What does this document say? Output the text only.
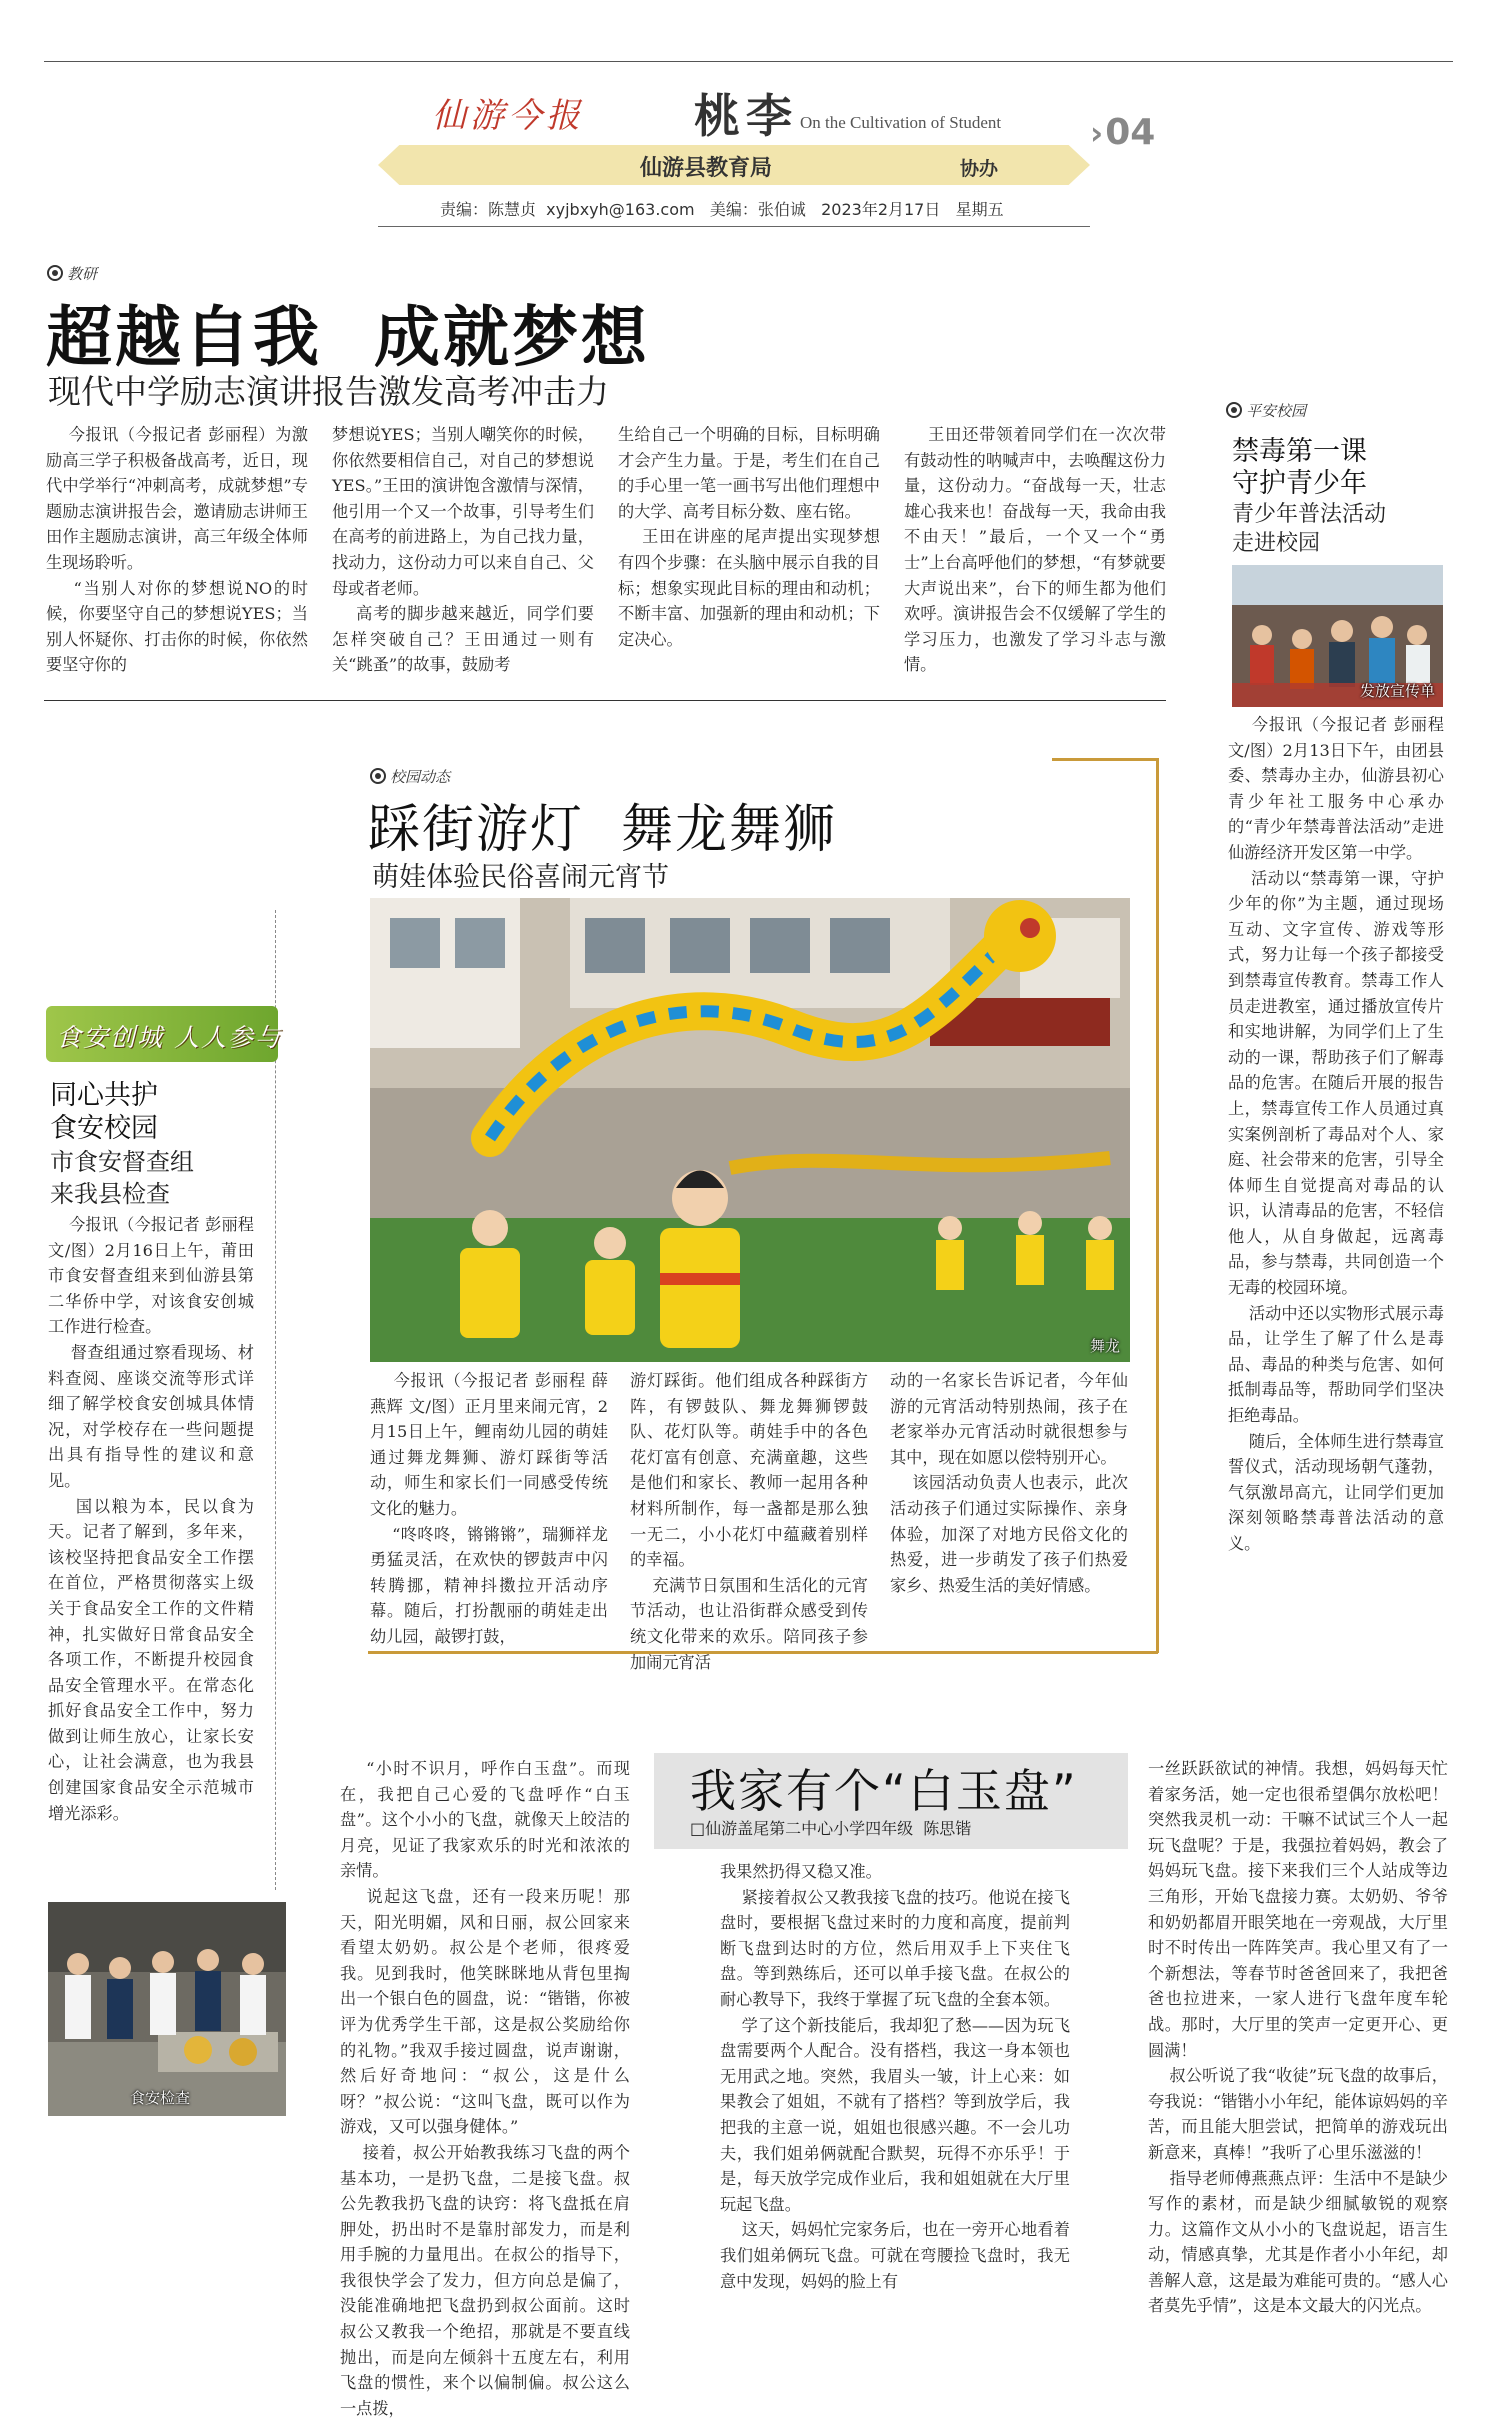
仙游今报 桃李 On the Cultivation of Student	›04
仙游县教育局	协办
责编：陈慧贞  xyjbxyh@163.com   美编：张伯诚   2023年2月17日   星期五
教研
超越自我  成就梦想
现代中学励志演讲报告激发高考冲击力
今报讯（今报记者 彭丽程）为激励高三学子积极备战高考，近日，现代中学举行“冲刺高考，成就梦想”专题励志演讲报告会，邀请励志讲师王田作主题励志演讲，高三年级全体师生现场聆听。
“当别人对你的梦想说NO的时候，你要坚守自己的梦想说YES；当别人怀疑你、打击你的时候，你依然要坚守你的
梦想说YES；当别人嘲笑你的时候，你依然要相信自己，对自己的梦想说YES。”王田的演讲饱含激情与深情，他引用一个又一个故事，引导考生们在高考的前进路上，为自己找力量，找动力，这份动力可以来自自己、父母或者老师。
高考的脚步越来越近，同学们要怎样突破自己？王田通过一则有关“跳蚤”的故事，鼓励考
生给自己一个明确的目标，目标明确才会产生力量。于是，考生们在自己的手心里一笔一画书写出他们理想中的大学、高考目标分数、座右铭。
王田在讲座的尾声提出实现梦想有四个步骤：在头脑中展示自我的目标；想象实现此目标的理由和动机；不断丰富、加强新的理由和动机；下定决心。
王田还带领着同学们在一次次带有鼓动性的呐喊声中，去唤醒这份力量，这份动力。“奋战每一天，壮志雄心我来也！奋战每一天，我命由我不由天！”最后，一个又一个“勇士”上台高呼他们的梦想，“有梦就要大声说出来”，台下的师生都为他们欢呼。演讲报告会不仅缓解了学生的学习压力，也激发了学习斗志与激情。
平安校园
禁毒第一课
守护青少年
青少年普法活动
走进校园
发放宣传单
今报讯（今报记者 彭丽程 文/图）2月13日下午，由团县委、禁毒办主办，仙游县初心青少年社工服务中心承办的“青少年禁毒普法活动”走进仙游经济开发区第一中学。
活动以“禁毒第一课，守护少年的你”为主题，通过现场互动、文字宣传、游戏等形式，努力让每一个孩子都接受到禁毒宣传教育。禁毒工作人员走进教室，通过播放宣传片和实地讲解，为同学们上了生动的一课，帮助孩子们了解毒品的危害。在随后开展的报告上，禁毒宣传工作人员通过真实案例剖析了毒品对个人、家庭、社会带来的危害，引导全体师生自觉提高对毒品的认识，认清毒品的危害，不轻信他人，从自身做起，远离毒品，参与禁毒，共同创造一个无毒的校园环境。
活动中还以实物形式展示毒品，让学生了解了什么是毒品、毒品的种类与危害、如何抵制毒品等，帮助同学们坚决拒绝毒品。
随后，全体师生进行禁毒宣誓仪式，活动现场朝气蓬勃，气氛激昂高亢，让同学们更加深刻领略禁毒普法活动的意义。
校园动态
踩街游灯  舞龙舞狮
萌娃体验民俗喜闹元宵节
舞龙
今报讯（今报记者 彭丽程 薛燕辉 文/图）正月里来闹元宵，2月15日上午，鲤南幼儿园的萌娃通过舞龙舞狮、游灯踩街等活动，师生和家长们一同感受传统文化的魅力。
“咚咚咚，锵锵锵”，瑞狮祥龙勇猛灵活，在欢快的锣鼓声中闪转腾挪，精神抖擞拉开活动序幕。随后，打扮靓丽的萌娃走出幼儿园，敲锣打鼓，
游灯踩街。他们组成各种踩街方阵，有锣鼓队、舞龙舞狮锣鼓队、花灯队等。萌娃手中的各色花灯富有创意、充满童趣，这些是他们和家长、教师一起用各种材料所制作，每一盏都是那么独一无二，小小花灯中蕴藏着别样的幸福。
充满节日氛围和生活化的元宵节活动，也让沿街群众感受到传统文化带来的欢乐。陪同孩子参加闹元宵活
动的一名家长告诉记者，今年仙游的元宵活动特别热闹，孩子在老家举办元宵活动时就很想参与其中，现在如愿以偿特别开心。
该园活动负责人也表示，此次活动孩子们通过实际操作、亲身体验，加深了对地方民俗文化的热爱，进一步萌发了孩子们热爱家乡、热爱生活的美好情感。
食安创城 人人参与
同心共护
食安校园
市食安督查组
来我县检查
今报讯（今报记者 彭丽程 文/图）2月16日上午，莆田市食安督查组来到仙游县第二华侨中学，对该食安创城工作进行检查。
督查组通过察看现场、材料查阅、座谈交流等形式详细了解学校食安创城具体情况，对学校存在一些问题提出具有指导性的建议和意见。
国以粮为本，民以食为天。记者了解到，多年来，该校坚持把食品安全工作摆在首位，严格贯彻落实上级关于食品安全工作的文件精神，扎实做好日常食品安全各项工作，不断提升校园食品安全管理水平。在常态化抓好食品安全工作中，努力做到让师生放心，让家长安心，让社会满意，也为我县创建国家食品安全示范城市增光添彩。
食安检查
我家有个“白玉盘”
□仙游盖尾第二中心小学四年级  陈思锴
“小时不识月，呼作白玉盘”。而现在，我把自己心爱的飞盘呼作“白玉盘”。这个小小的飞盘，就像天上皎洁的月亮，见证了我家欢乐的时光和浓浓的亲情。
说起这飞盘，还有一段来历呢！那天，阳光明媚，风和日丽，叔公回家来看望太奶奶。叔公是个老师，很疼爱我。见到我时，他笑眯眯地从背包里掏出一个银白色的圆盘，说：“锴锴，你被评为优秀学生干部，这是叔公奖励给你的礼物。”我双手接过圆盘，说声谢谢，然后好奇地问：“叔公，这是什么呀？”叔公说：“这叫飞盘，既可以作为游戏，又可以强身健体。”
接着，叔公开始教我练习飞盘的两个基本功，一是扔飞盘，二是接飞盘。叔公先教我扔飞盘的诀窍：将飞盘抵在肩胛处，扔出时不是靠肘部发力，而是利用手腕的力量甩出。在叔公的指导下，我很快学会了发力，但方向总是偏了，没能准确地把飞盘扔到叔公面前。这时叔公又教我一个绝招，那就是不要直线抛出，而是向左倾斜十五度左右，利用飞盘的惯性，来个以偏制偏。叔公这么一点拨，
我果然扔得又稳又准。
紧接着叔公又教我接飞盘的技巧。他说在接飞盘时，要根据飞盘过来时的力度和高度，提前判断飞盘到达时的方位，然后用双手上下夹住飞盘。等到熟练后，还可以单手接飞盘。在叔公的耐心教导下，我终于掌握了玩飞盘的全套本领。
学了这个新技能后，我却犯了愁——因为玩飞盘需要两个人配合。没有搭档，我这一身本领也无用武之地。突然，我眉头一皱，计上心来：如果教会了姐姐，不就有了搭档？等到放学后，我把我的主意一说，姐姐也很感兴趣。不一会儿功夫，我们姐弟俩就配合默契，玩得不亦乐乎！于是，每天放学完成作业后，我和姐姐就在大厅里玩起飞盘。
这天，妈妈忙完家务后，也在一旁开心地看着我们姐弟俩玩飞盘。可就在弯腰捡飞盘时，我无意中发现，妈妈的脸上有
一丝跃跃欲试的神情。我想，妈妈每天忙着家务活，她一定也很希望偶尔放松吧！突然我灵机一动：干嘛不试试三个人一起玩飞盘呢？于是，我强拉着妈妈，教会了妈妈玩飞盘。接下来我们三个人站成等边三角形，开始飞盘接力赛。太奶奶、爷爷和奶奶都眉开眼笑地在一旁观战，大厅里时不时传出一阵阵笑声。我心里又有了一个新想法，等春节时爸爸回来了，我把爸爸也拉进来，一家人进行飞盘年度车轮战。那时，大厅里的笑声一定更开心、更圆满！
叔公听说了我“收徒”玩飞盘的故事后，夸我说：“锴锴小小年纪，能体谅妈妈的辛苦，而且能大胆尝试，把简单的游戏玩出新意来，真棒！”我听了心里乐滋滋的！
指导老师傅燕燕点评：生活中不是缺少写作的素材，而是缺少细腻敏锐的观察力。这篇作文从小小的飞盘说起，语言生动，情感真挚，尤其是作者小小年纪，却善解人意，这是最为难能可贵的。“感人心者莫先乎情”，这是本文最大的闪光点。
